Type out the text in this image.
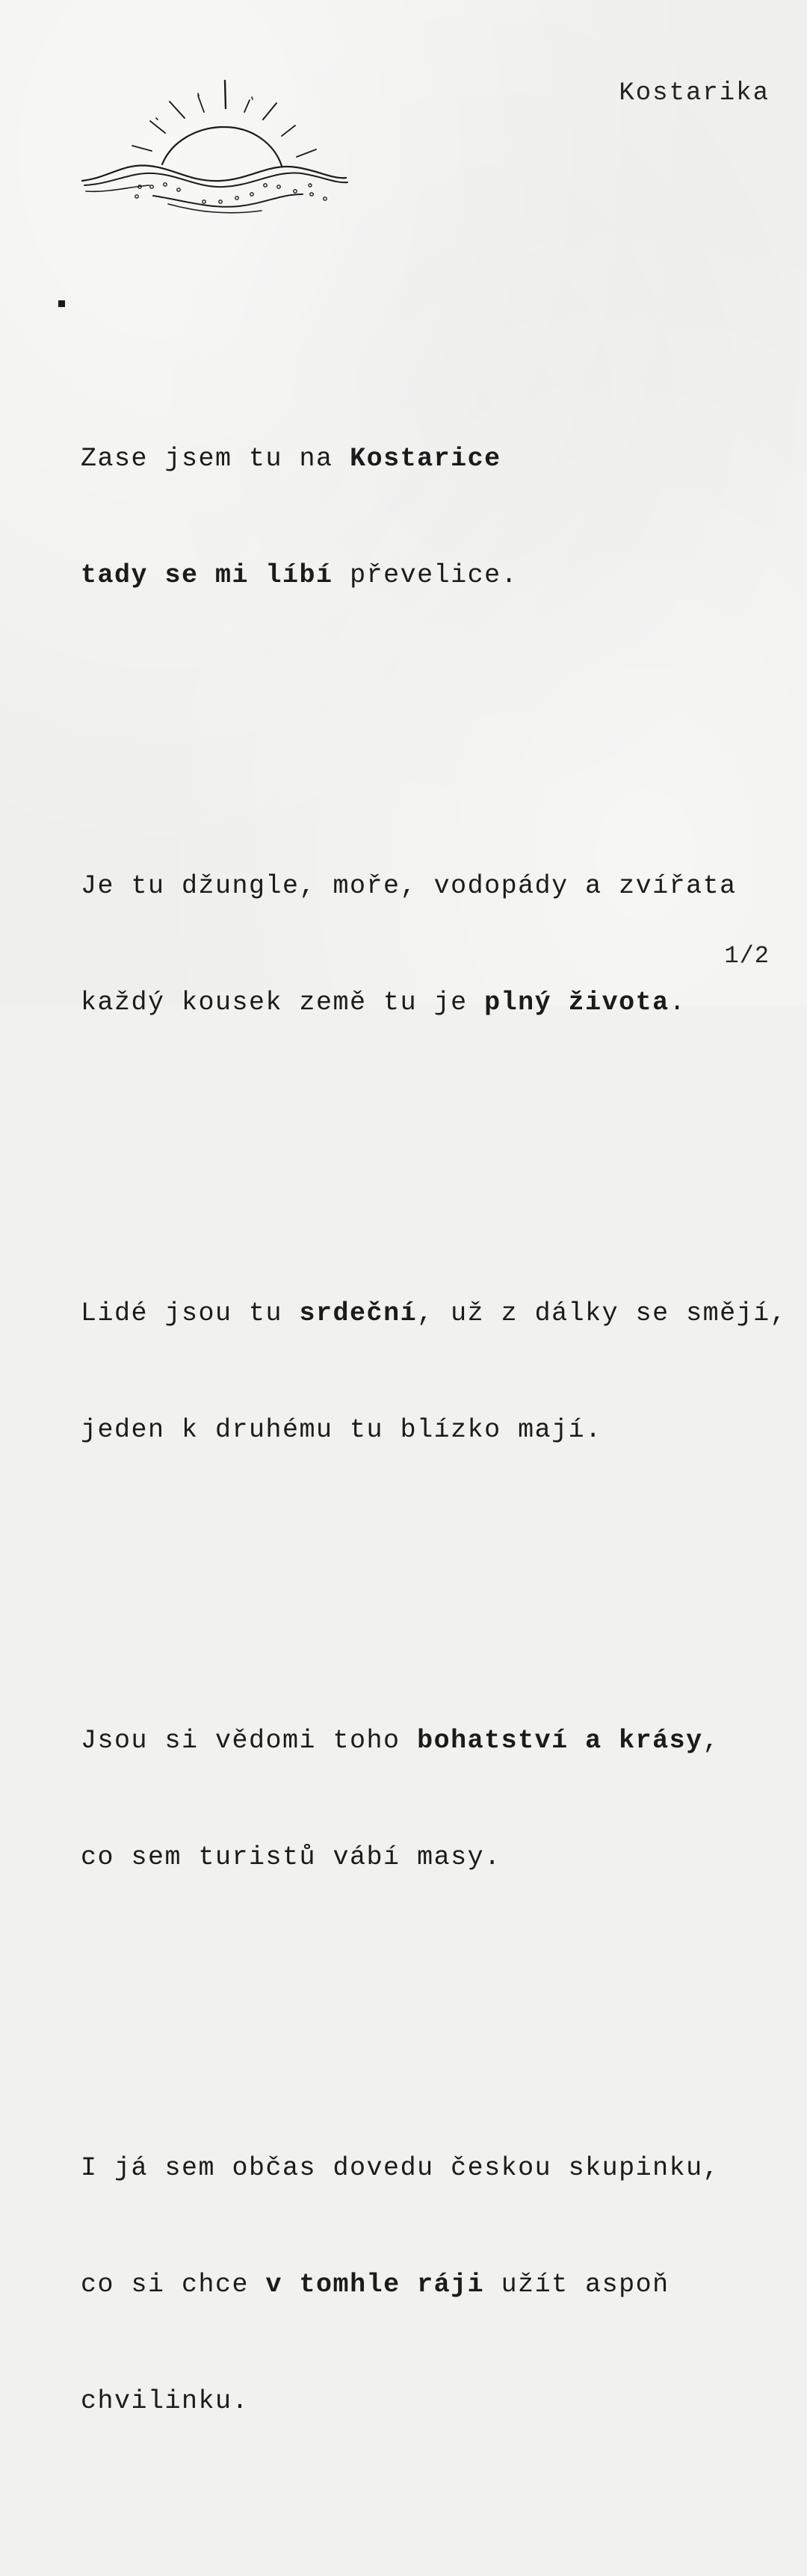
Kostarika

Zase jsem tu na Kostarice

tady se mi líbí převelice.

Je tu džungle, moře, vodopády a zvířata

každý kousek země tu je plný života.

Lidé jsou tu srdeční, už z dálky se smějí,

jeden k druhému tu blízko mají.

Jsou si vědomi toho bohatství a krásy,

co sem turistů vábí masy.

I já sem občas dovedu českou skupinku,

co si chce v tomhle ráji užít aspoň

chvilinku.

1/2
